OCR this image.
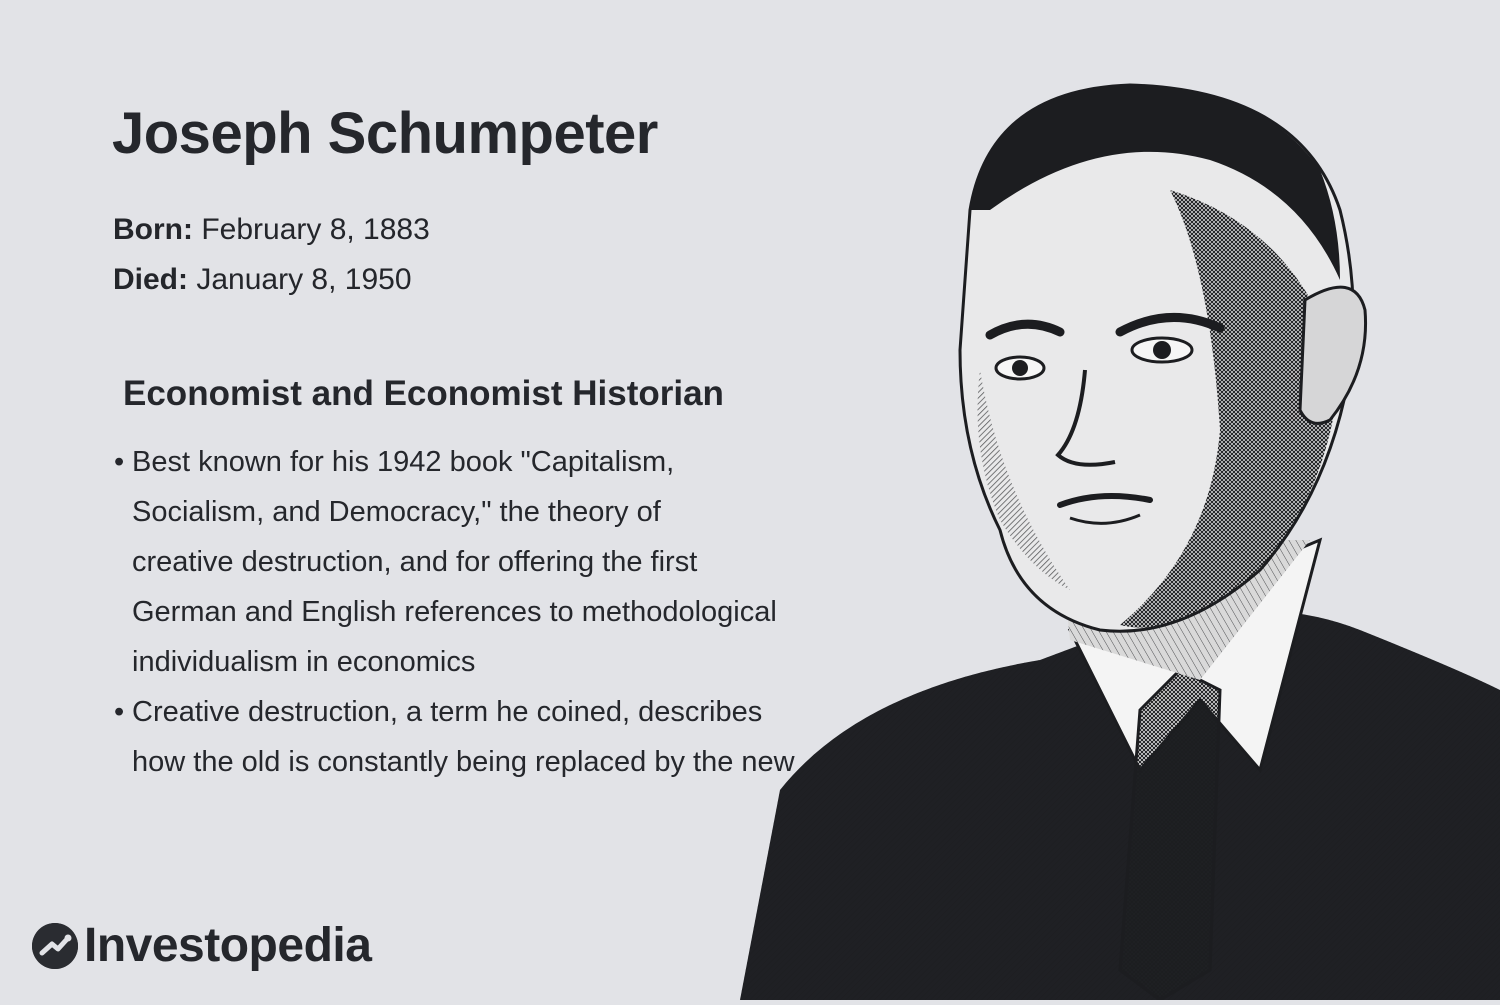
Joseph Schumpeter
Born: February 8, 1883
Died: January 8, 1950
Economist and Economist Historian
• Best known for his 1942 book "Capitalism,
Socialism, and Democracy," the theory of
creative destruction, and for offering the first
German and English references to methodological
individualism in economics
• Creative destruction, a term he coined, describes
how the old is constantly being replaced by the new
Investopedia
